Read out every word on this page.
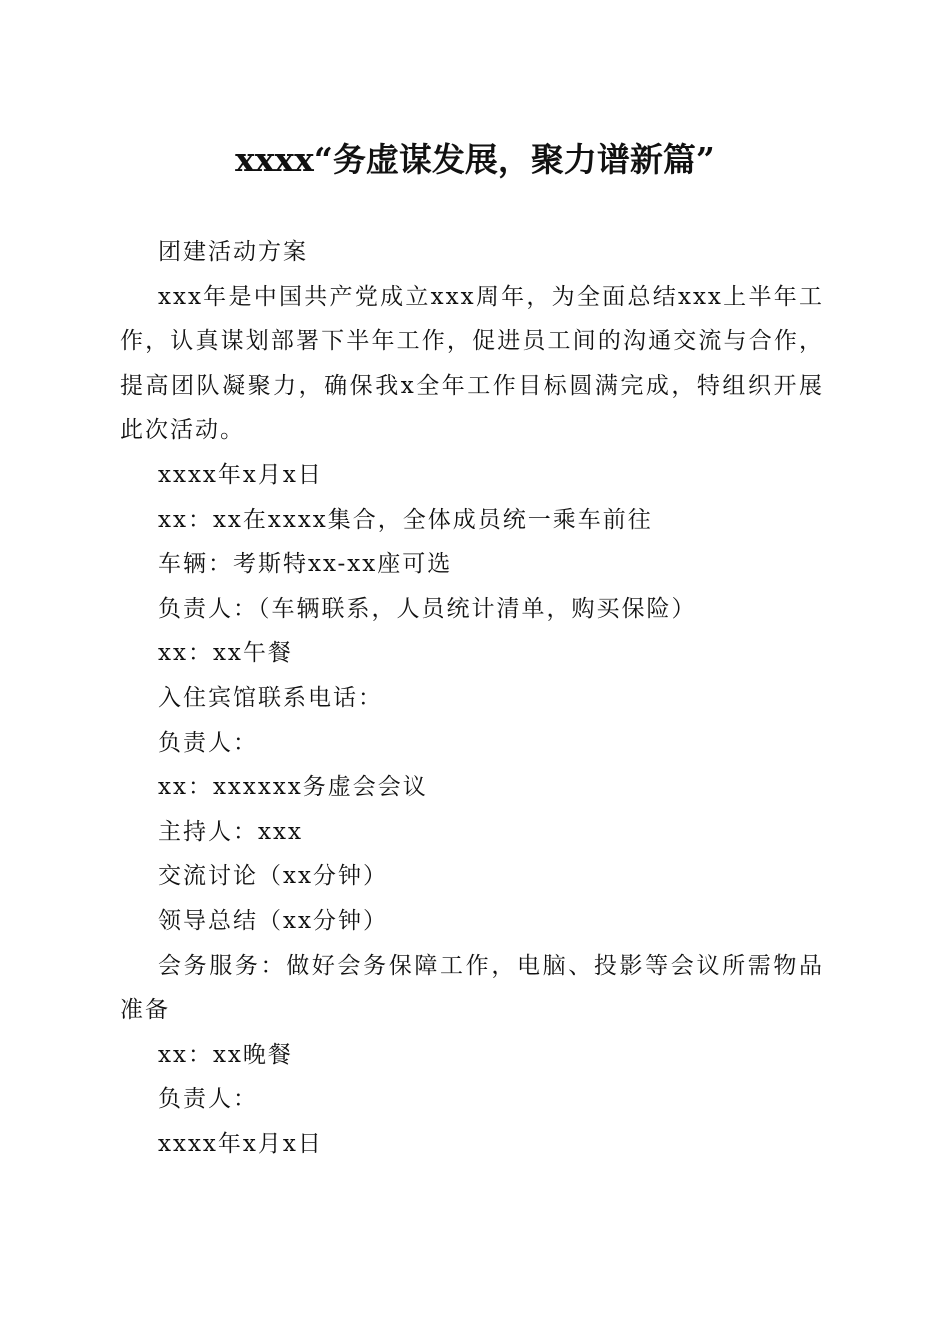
xxxx“务虚谋发展，聚力谱新篇”

团建活动方案

xxx年是中国共产党成立xxx周年，为全面总结xxx上半年工作，认真谋划部署下半年工作，促进员工间的沟通交流与合作，提高团队凝聚力，确保我x全年工作目标圆满完成，特组织开展此次活动。

xxxx年x月x日

xx：xx在xxxx集合，全体成员统一乘车前往

车辆：考斯特xx-xx座可选

负责人：（车辆联系，人员统计清单，购买保险）

xx：xx午餐

入住宾馆联系电话：

负责人：

xx：xxxxxx务虚会会议

主持人：xxx

交流讨论（xx分钟）

领导总结（xx分钟）

会务服务：做好会务保障工作，电脑、投影等会议所需物品准备

xx：xx晚餐

负责人：

xxxx年x月x日
